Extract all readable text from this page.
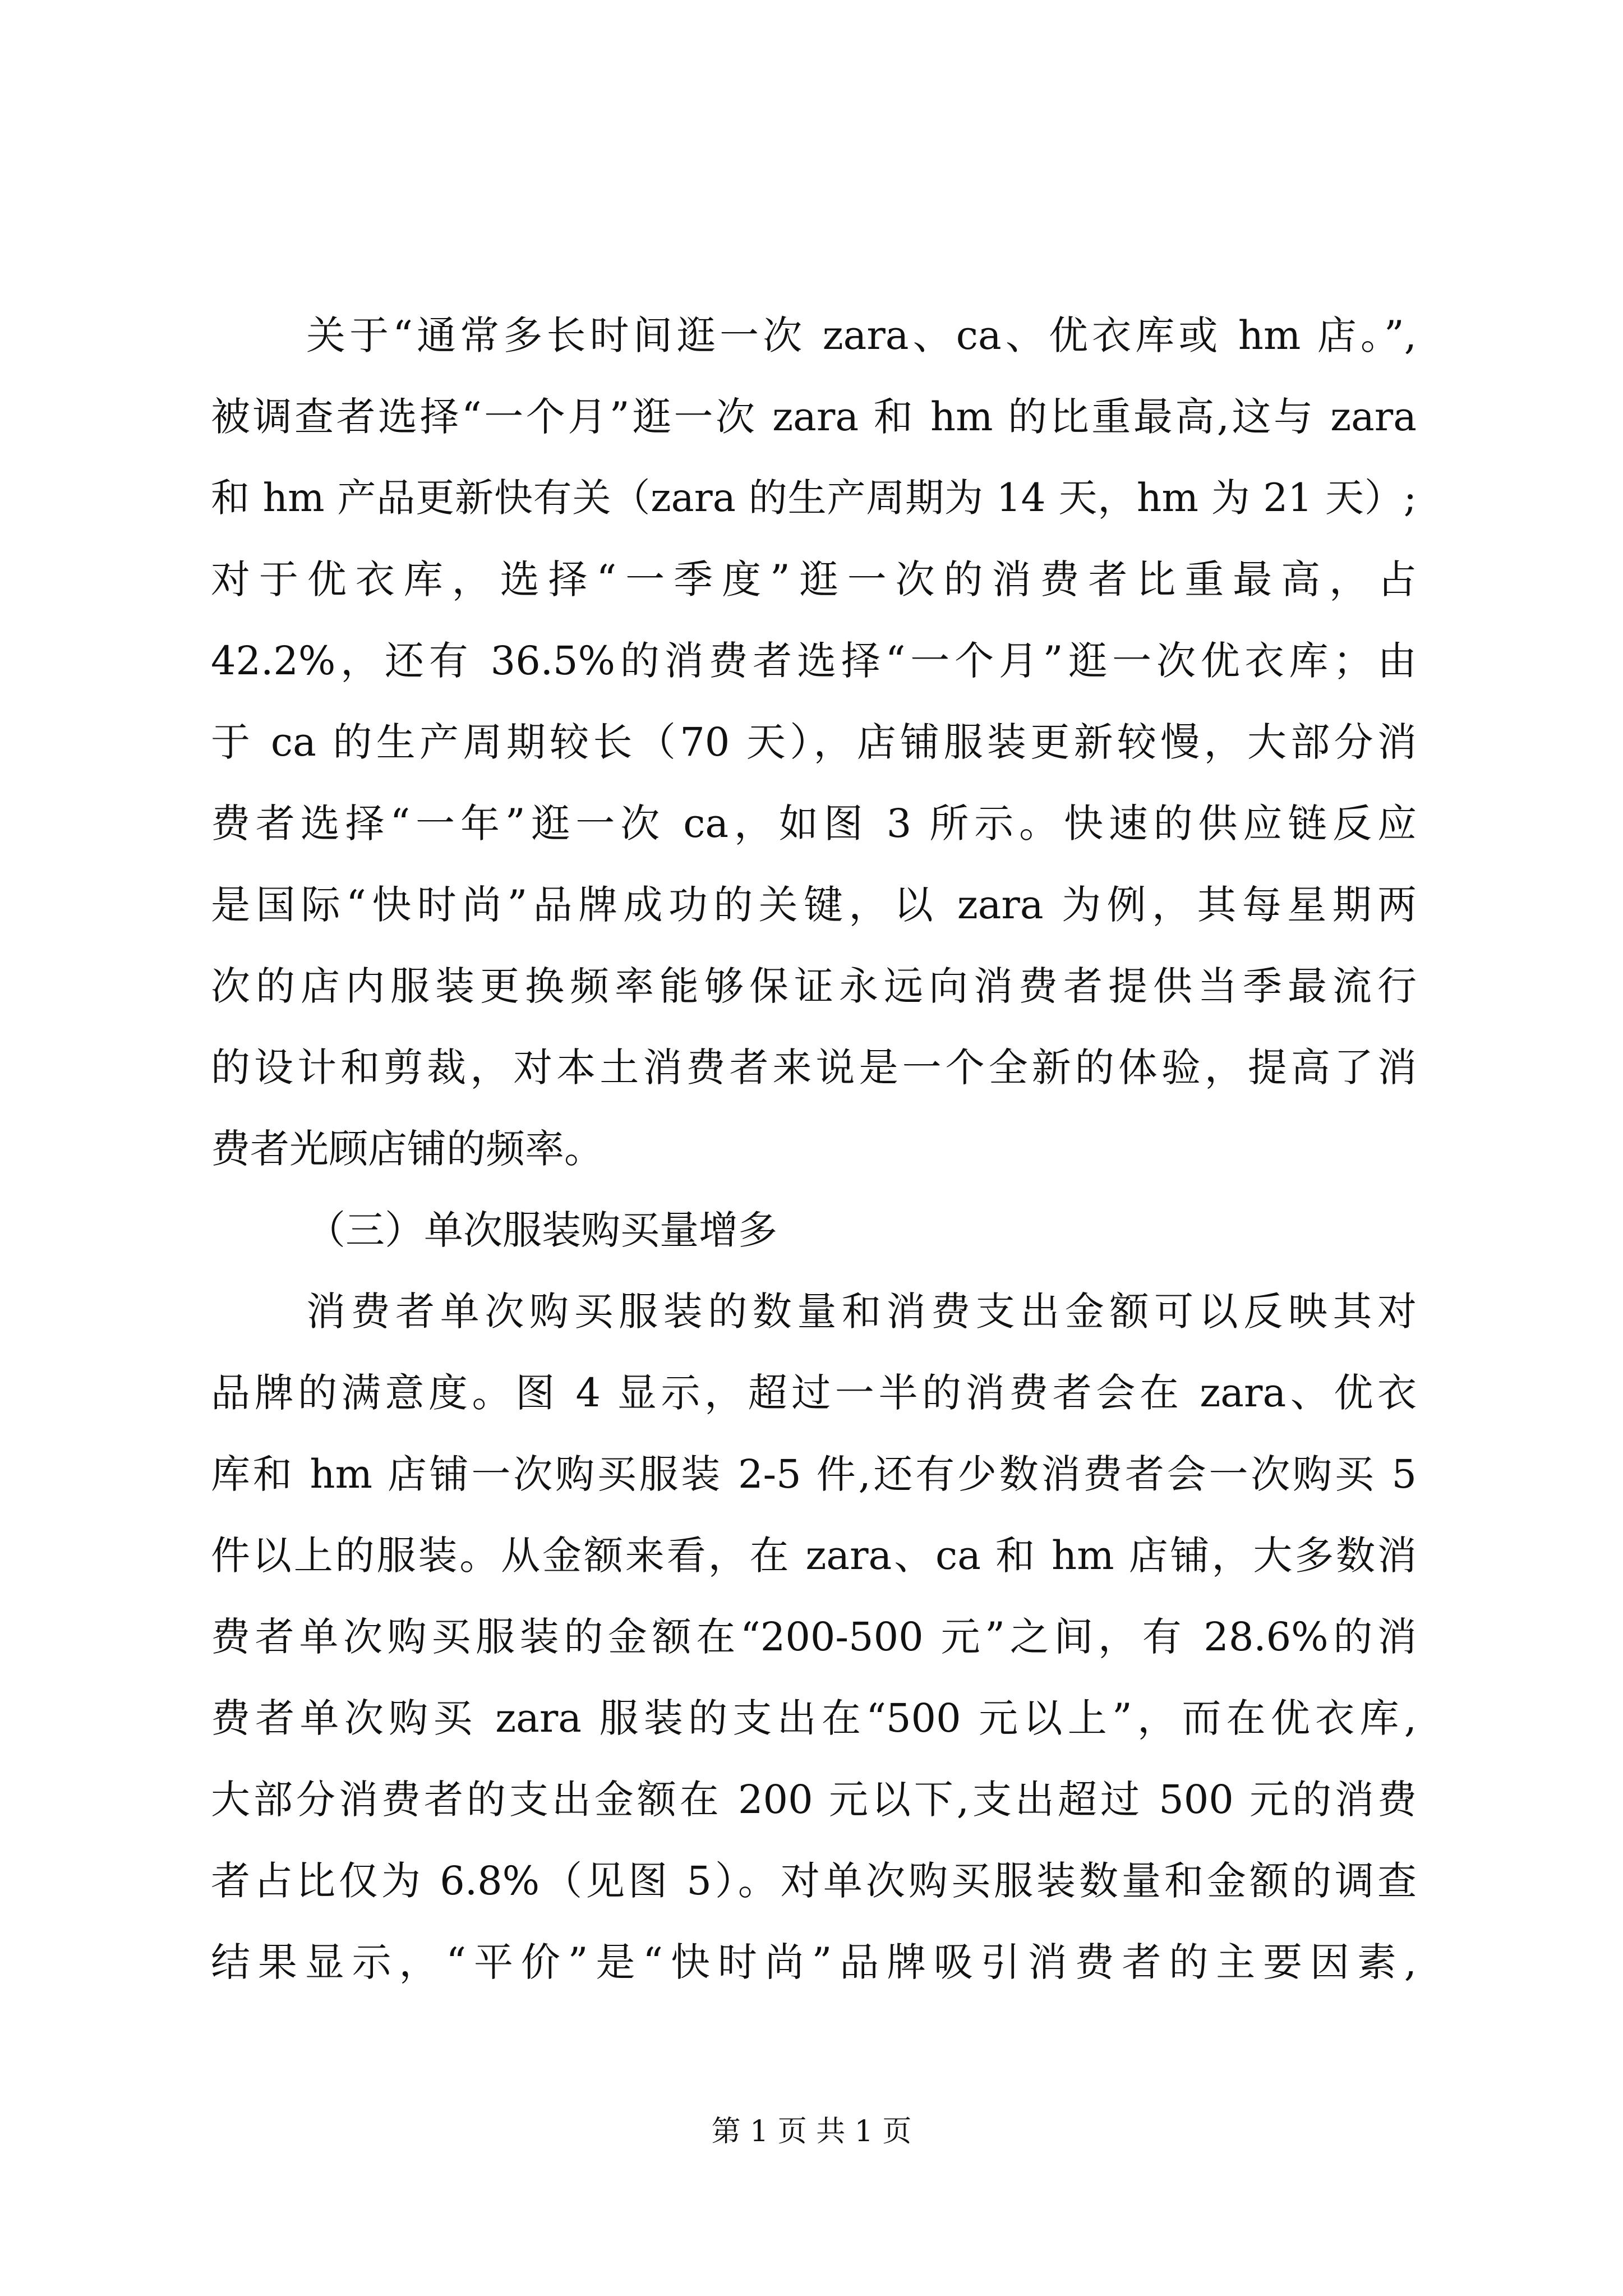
关于“通常多长时间逛一次 zara、ca、优衣库或 hm 店。”,
被调查者选择“一个月”逛一次 zara 和 hm 的比重最高,这与 zara
和 hm 产品更新快有关（zara 的生产周期为 14 天，hm 为 21 天）;
对于优衣库，选择“一季度”逛一次的消费者比重最高，占
42.2%，还有 36.5%的消费者选择“一个月”逛一次优衣库；由
于 ca 的生产周期较长（70 天），店铺服装更新较慢，大部分消
费者选择“一年”逛一次 ca，如图 3 所示。快速的供应链反应
是国际“快时尚”品牌成功的关键，以 zara 为例，其每星期两
次的店内服装更换频率能够保证永远向消费者提供当季最流行
的设计和剪裁，对本土消费者来说是一个全新的体验，提高了消
费者光顾店铺的频率。
（三）单次服装购买量增多
消费者单次购买服装的数量和消费支出金额可以反映其对
品牌的满意度。图 4 显示，超过一半的消费者会在 zara、优衣
库和 hm 店铺一次购买服装 2-5 件,还有少数消费者会一次购买 5
件以上的服装。从金额来看，在 zara、ca 和 hm 店铺，大多数消
费者单次购买服装的金额在“200-500 元”之间，有 28.6%的消
费者单次购买 zara 服装的支出在“500 元以上”，而在优衣库,
大部分消费者的支出金额在 200 元以下,支出超过 500 元的消费
者占比仅为 6.8%（见图 5）。对单次购买服装数量和金额的调查
结果显示，“平价”是“快时尚”品牌吸引消费者的主要因素,
第 1 页 共 1 页
